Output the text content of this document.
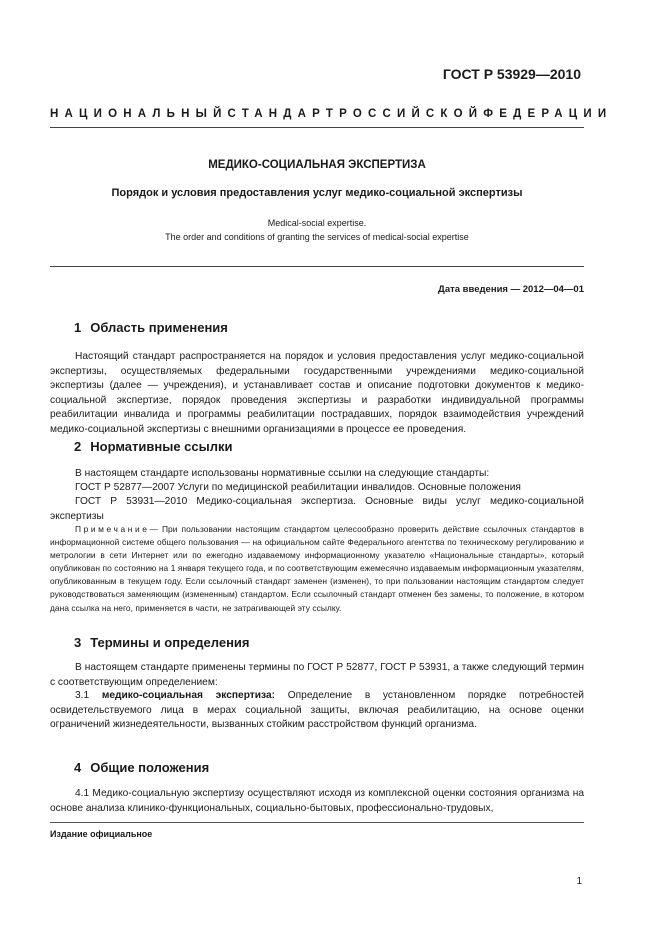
ГОСТ Р 53929—2010
НАЦИОНАЛЬНЫЙ СТАНДАРТ РОССИЙСКОЙ ФЕДЕРАЦИИ
МЕДИКО-СОЦИАЛЬНАЯ ЭКСПЕРТИЗА
Порядок и условия предоставления услуг медико-социальной экспертизы
Medical-social expertise.
The order and conditions of granting the services of medical-social expertise
Дата введения — 2012—04—01
1 Область применения
Настоящий стандарт распространяется на порядок и условия предоставления услуг медико-социальной экспертизы, осуществляемых федеральными государственными учреждениями медико-социальной экспертизы (далее — учреждения), и устанавливает состав и описание подготовки документов к медико-социальной экспертизе, порядок проведения экспертизы и разработки индивидуальной программы реабилитации инвалида и программы реабилитации пострадавших, порядок взаимодействия учреждений медико-социальной экспертизы с внешними организациями в процессе ее проведения.
2 Нормативные ссылки
В настоящем стандарте использованы нормативные ссылки на следующие стандарты:
ГОСТ Р 52877—2007 Услуги по медицинской реабилитации инвалидов. Основные положения
ГОСТ Р 53931—2010 Медико-социальная экспертиза. Основные виды услуг медико-социальной экспертизы
Примечание— При пользовании настоящим стандартом целесообразно проверить действие ссылочных стандартов в информационной системе общего пользования — на официальном сайте Федерального агентства по техническому регулированию и метрологии в сети Интернет или по ежегодно издаваемому информационному указателю «Национальные стандарты», который опубликован по состоянию на 1 января текущего года, и по соответствующим ежемесячно издаваемым информационным указателям, опубликованным в текущем году. Если ссылочный стандарт заменен (изменен), то при пользовании настоящим стандартом следует руководствоваться заменяющим (измененным) стандартом. Если ссылочный стандарт отменен без замены, то положение, в котором дана ссылка на него, применяется в части, не затрагивающей эту ссылку.
3 Термины и определения
В настоящем стандарте применены термины по ГОСТ Р 52877, ГОСТ Р 53931, а также следующий термин с соответствующим определением:
3.1 медико-социальная экспертиза: Определение в установленном порядке потребностей освидетельствуемого лица в мерах социальной защиты, включая реабилитацию, на основе оценки ограничений жизнедеятельности, вызванных стойким расстройством функций организма.
4 Общие положения
4.1 Медико-социальную экспертизу осуществляют исходя из комплексной оценки состояния организма на основе анализа клинико-функциональных, социально-бытовых, профессионально-трудовых,
Издание официальное
1
